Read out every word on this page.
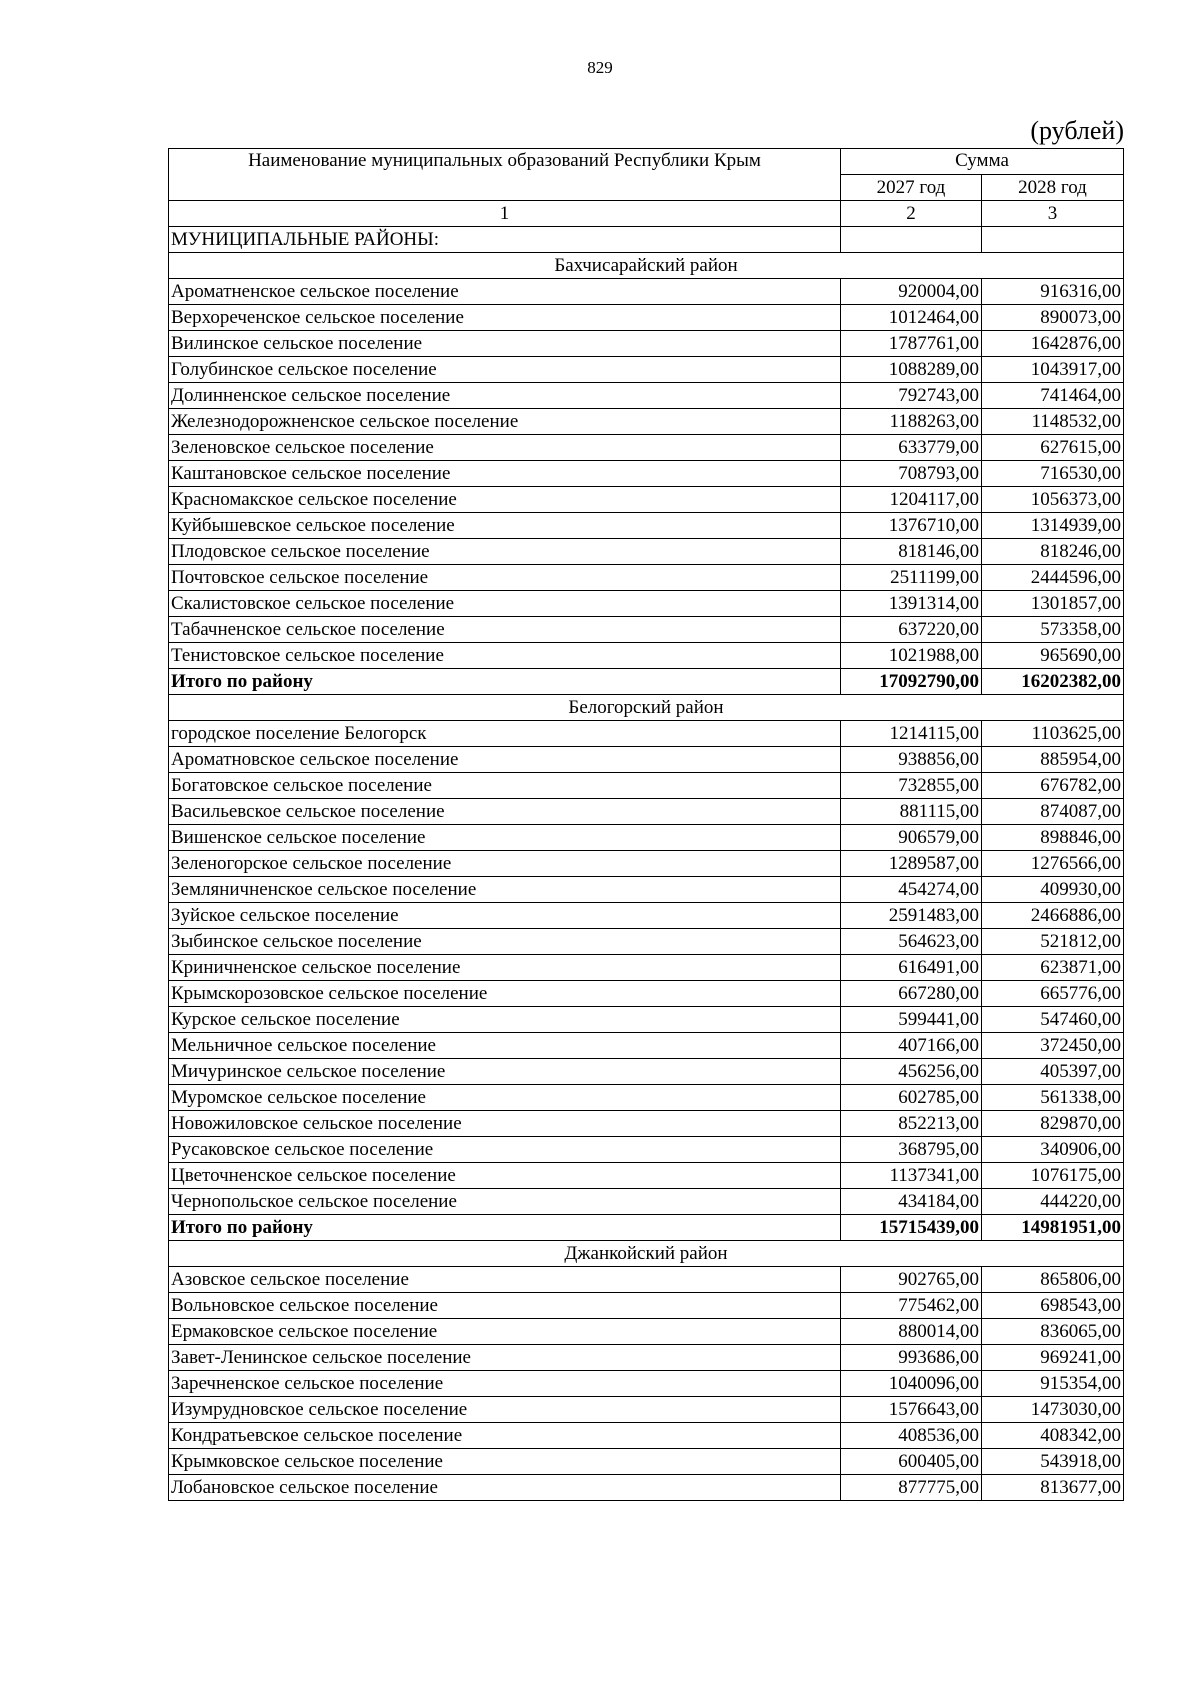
829
(рублей)
Наименование муниципальных образований Республики Крым	Сумма	
	2027 год	2028 год
1	2	3
МУНИЦИПАЛЬНЫЕ РАЙОНЫ:		
Бахчисарайский район		
Ароматненское сельское поселение	920004,00	916316,00
Верхореченское сельское поселение	1012464,00	890073,00
Вилинское сельское поселение	1787761,00	1642876,00
Голубинское сельское поселение	1088289,00	1043917,00
Долинненское сельское поселение	792743,00	741464,00
Железнодорожненское сельское поселение	1188263,00	1148532,00
Зеленовское сельское поселение	633779,00	627615,00
Каштановское сельское поселение	708793,00	716530,00
Красномакское сельское поселение	1204117,00	1056373,00
Куйбышевское сельское поселение	1376710,00	1314939,00
Плодовское сельское поселение	818146,00	818246,00
Почтовское сельское поселение	2511199,00	2444596,00
Скалистовское сельское поселение	1391314,00	1301857,00
Табачненское сельское поселение	637220,00	573358,00
Тенистовское сельское поселение	1021988,00	965690,00
Итого по району	17092790,00	16202382,00
Белогорский район		
городское поселение Белогорск	1214115,00	1103625,00
Ароматновское сельское поселение	938856,00	885954,00
Богатовское сельское поселение	732855,00	676782,00
Васильевское сельское поселение	881115,00	874087,00
Вишенское сельское поселение	906579,00	898846,00
Зеленогорское сельское поселение	1289587,00	1276566,00
Земляничненское сельское поселение	454274,00	409930,00
Зуйское сельское поселение	2591483,00	2466886,00
Зыбинское сельское поселение	564623,00	521812,00
Криничненское сельское поселение	616491,00	623871,00
Крымскорозовское сельское поселение	667280,00	665776,00
Курское сельское поселение	599441,00	547460,00
Мельничное сельское поселение	407166,00	372450,00
Мичуринское сельское поселение	456256,00	405397,00
Муромское сельское поселение	602785,00	561338,00
Новожиловское сельское поселение	852213,00	829870,00
Русаковское сельское поселение	368795,00	340906,00
Цветочненское сельское поселение	1137341,00	1076175,00
Чернопольское сельское поселение	434184,00	444220,00
Итого по району	15715439,00	14981951,00
Джанкойский район		
Азовское сельское поселение	902765,00	865806,00
Вольновское сельское поселение	775462,00	698543,00
Ермаковское сельское поселение	880014,00	836065,00
Завет-Ленинское сельское поселение	993686,00	969241,00
Заречненское сельское поселение	1040096,00	915354,00
Изумрудновское сельское поселение	1576643,00	1473030,00
Кондратьевское сельское поселение	408536,00	408342,00
Крымковское сельское поселение	600405,00	543918,00
Лобановское сельское поселение	877775,00	813677,00
